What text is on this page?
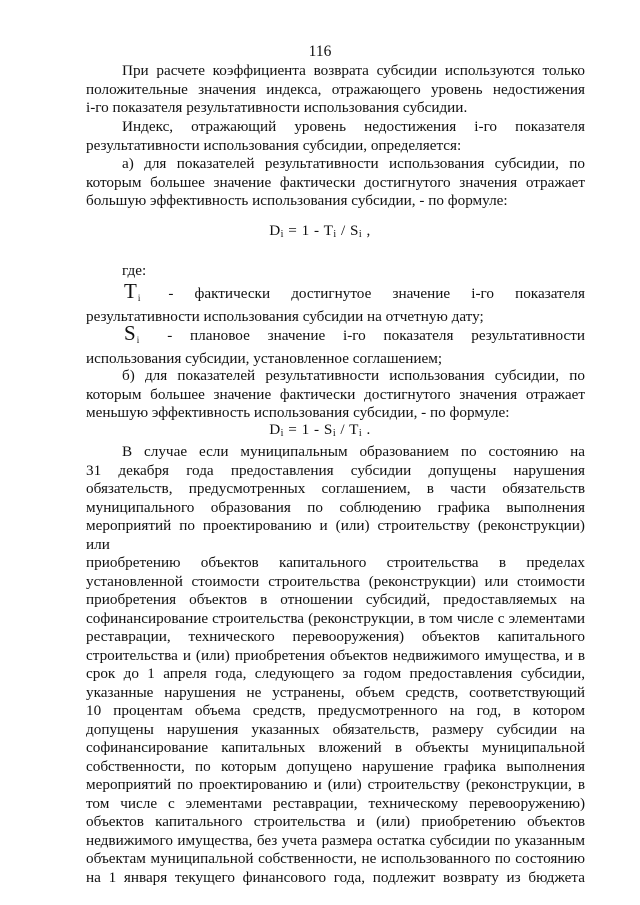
116
При расчете коэффициента возврата субсидии используются только
положительные значения индекса, отражающего уровень недостижения
i-го показателя результативности использования субсидии.
Индекс, отражающий уровень недостижения i-го показателя
результативности использования субсидии, определяется:
а) для показателей результативности использования субсидии, по
которым большее значение фактически достигнутого значения отражает
большую эффективность использования субсидии, - по формуле:
$D_i = 1 - T_i / S_i$ ,
где:
$T_i$	- фактически достигнутое значение i-го показателя
результативности использования субсидии на отчетную дату;
$S_i$	- плановое значение i-го показателя результативности
использования субсидии, установленное соглашением;
б) для показателей результативности использования субсидии, по
которым большее значение фактически достигнутого значения отражает
меньшую эффективность использования субсидии, - по формуле:
$D_i = 1 - S_i / T_i$ .
В случае если муниципальным образованием по состоянию на
31 декабря года предоставления субсидии допущены нарушения
обязательств, предусмотренных соглашением, в части обязательств
муниципального образования по соблюдению графика выполнения
мероприятий по проектированию и (или) строительству (реконструкции) или
приобретению объектов капитального строительства в пределах
установленной стоимости строительства (реконструкции) или стоимости
приобретения объектов в отношении субсидий, предоставляемых на
софинансирование строительства (реконструкции, в том числе с элементами
реставрации, технического перевооружения) объектов капитального
строительства и (или) приобретения объектов недвижимого имущества, и в
срок до 1 апреля года, следующего за годом предоставления субсидии,
указанные нарушения не устранены, объем средств, соответствующий
10 процентам объема средств, предусмотренного на год, в котором
допущены нарушения указанных обязательств, размеру субсидии на
софинансирование капитальных вложений в объекты муниципальной
собственности, по которым допущено нарушение графика выполнения
мероприятий по проектированию и (или) строительству (реконструкции, в
том числе с элементами реставрации, техническому перевооружению)
объектов капитального строительства и (или) приобретению объектов
недвижимого имущества, без учета размера остатка субсидии по указанным
объектам муниципальной собственности, не использованного по состоянию
на 1 января текущего финансового года, подлежит возврату из бюджета
